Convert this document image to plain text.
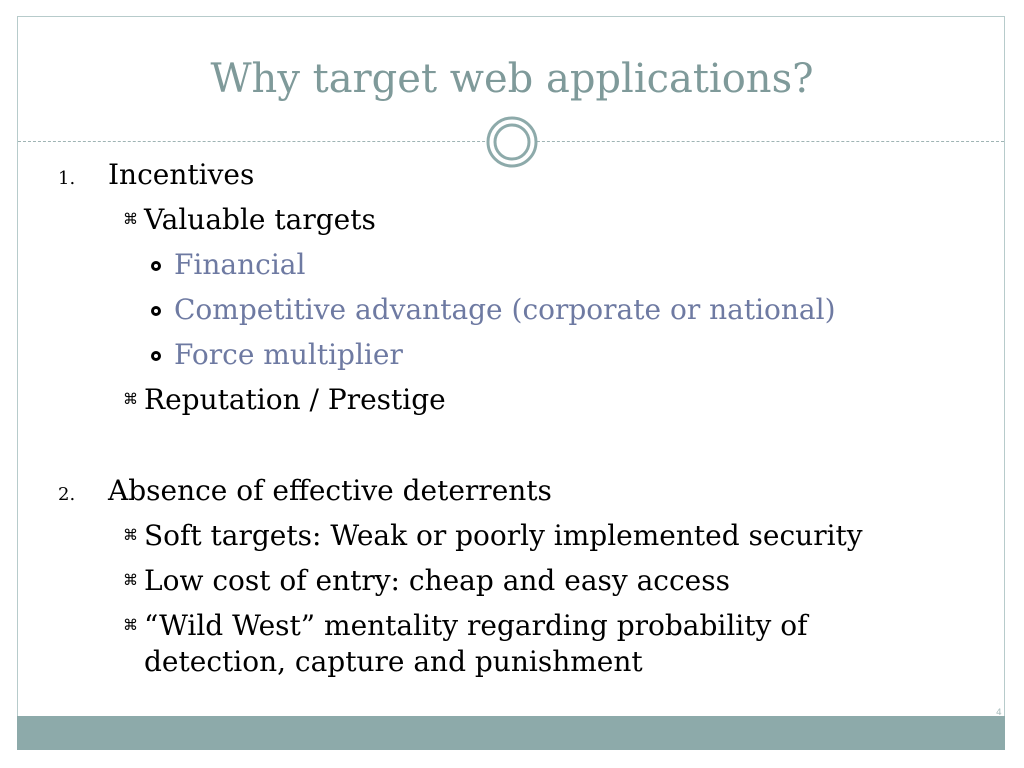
Why target web applications?
1. Incentives
⌘ Valuable targets
Financial
Competitive advantage (corporate or national)
Force multiplier
⌘ Reputation / Prestige
2. Absence of effective deterrents
⌘ Soft targets: Weak or poorly implemented security
⌘ Low cost of entry: cheap and easy access
⌘ “Wild West” mentality regarding probability of
detection, capture and punishment
4
